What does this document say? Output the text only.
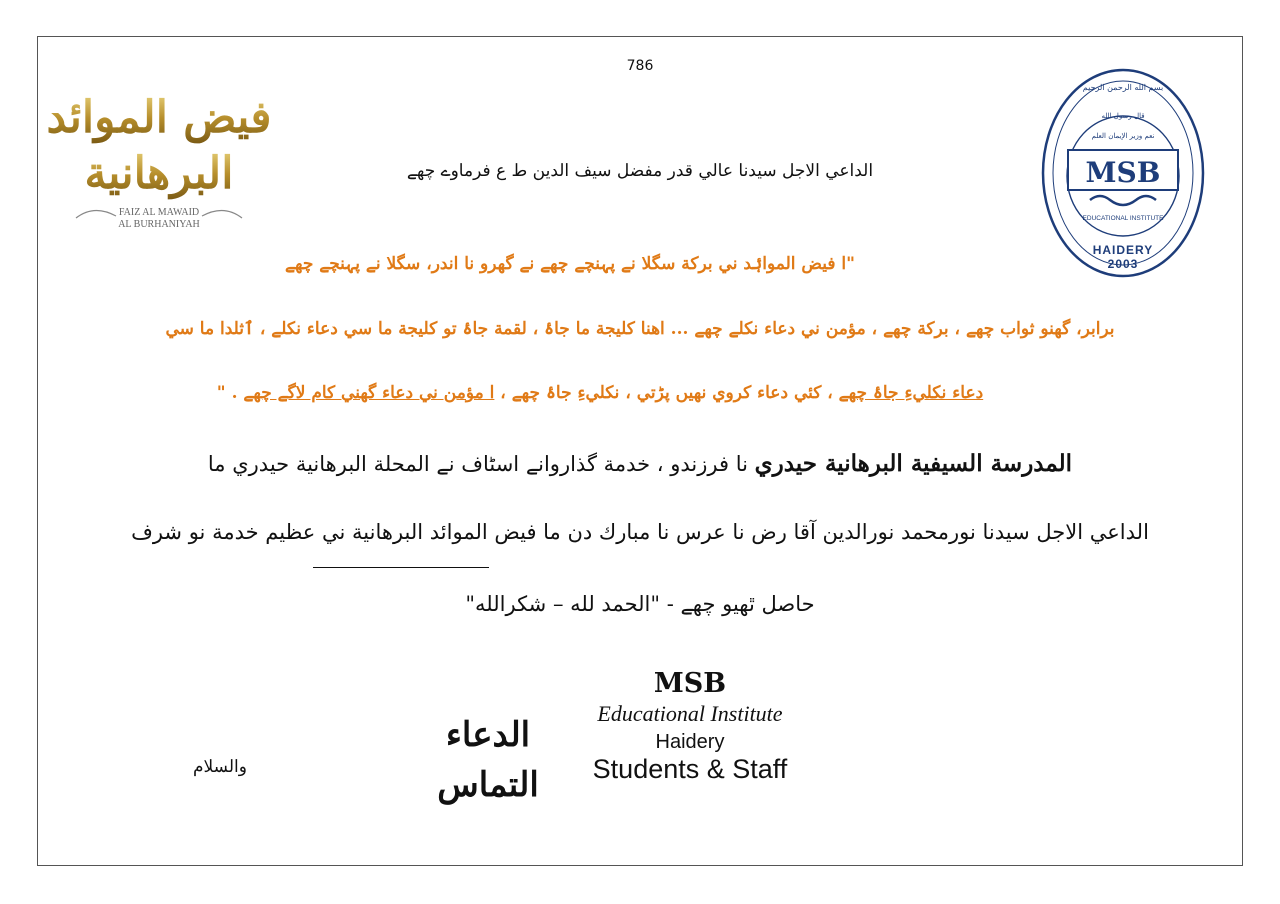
فيض الموائد
البرهانية
FAIZ AL MAWAID
AL BURHANIYAH
بسم الله الرحمن الرحيم
قال رسول الله
نعم وزير الإيمان العلم
MSB
EDUCATIONAL INSTITUTE
HAIDERY
2003
786
الداعي الاجل سيدنا عالي قدر مفضل سيف الدين ط ع فرماوے چھے
"ا فيض المواۂد ني برکة سگلا نے پہنچے چھے نے گھرو نا اندر، سگلا نے پہنچے چھے
برابر، گھنو ثواب چھے ، برکة چھے ، مؤمن ني دعاء نکلے چھے ... اهنا کليجة ما جاۂ ، لقمة جاۂ تو کليجة ما سي دعاء نکلے ، ٱثلدا ما سي
دعاء نکليءِ جاۂ چھے ، کئي دعاء کروي نهيں پڑتي ، نکليءِ جاۂ چھے ، ا مؤمن ني دعاء گھني کام لاگے چھے . "
المدرسة السيفية البرهانية حيدري نا فرزندو ، خدمة گذاروانے اسٹاف نے المحلة البرهانية حيدري ما
الداعي الاجل سيدنا نورمحمد نورالدين آقا رض نا عرس نا مبارك دن ما فيض الموائد البرهانية ني عظيم خدمة نو شرف
حاصل ٿهيو چھے - "الحمد لله – شكرالله"
والسلام
الدعاء
التماس
MSB
Educational Institute
Haidery
Students & Staff
